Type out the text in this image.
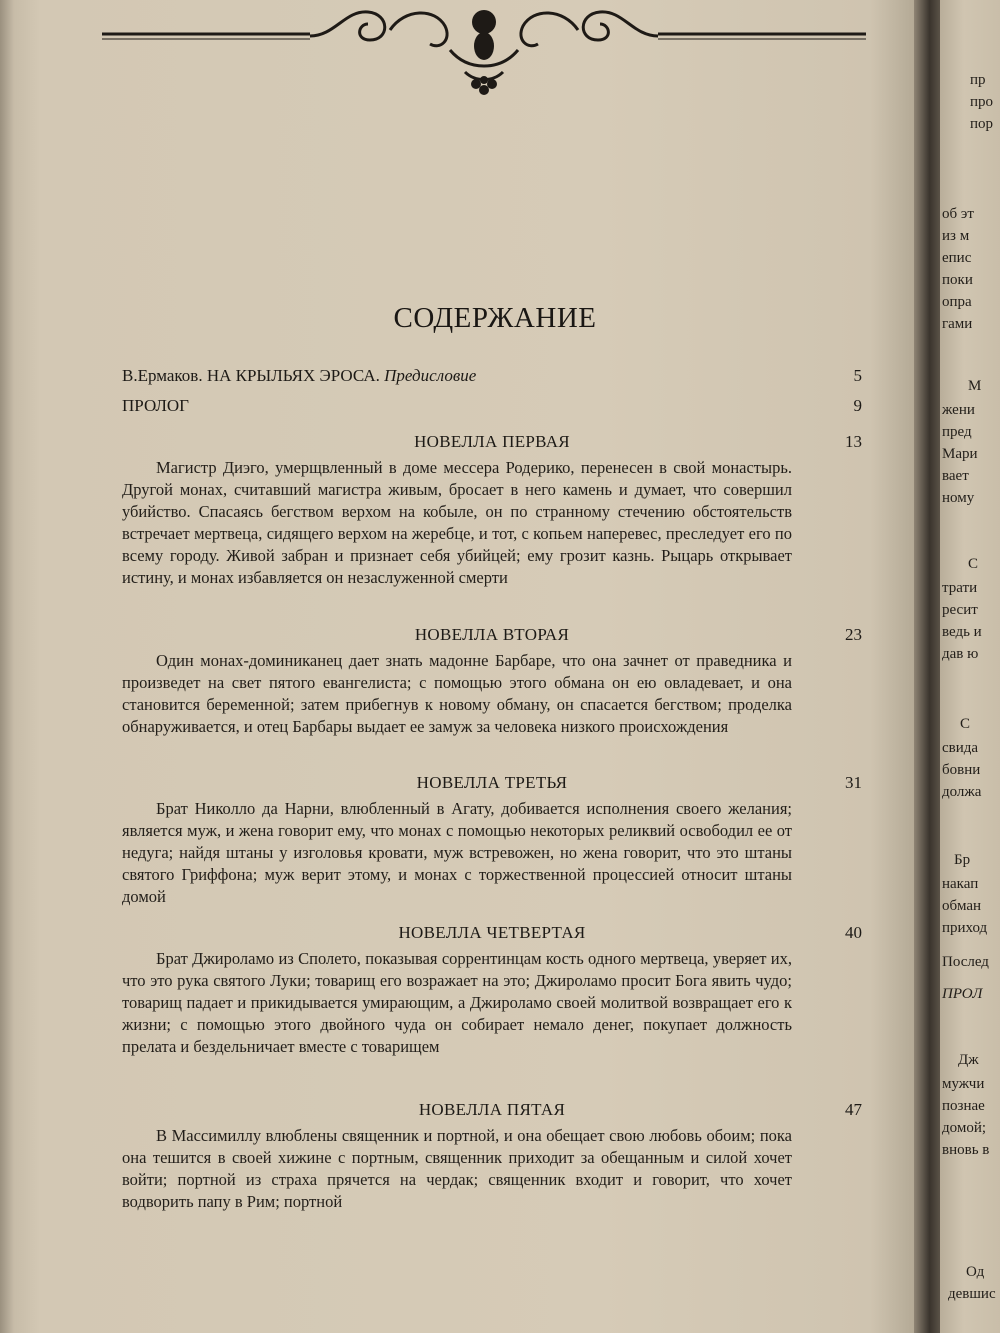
СОДЕРЖАНИЕ
В.Ермаков. НА КРЫЛЬЯХ ЭРОСА. Предисловие	5
ПРОЛОГ	9
НОВЕЛЛА ПЕРВАЯ	13
Магистр Диэго, умерщвленный в доме мессера Родерико, перенесен в свой монастырь. Другой монах, считавший магистра живым, бросает в него камень и думает, что совершил убийство. Спасаясь бегством верхом на кобыле, он по странному стечению обстоятельств встречает мертвеца, сидящего верхом на жеребце, и тот, с копьем наперевес, преследует его по всему городу. Живой забран и признает себя убийцей; ему грозит казнь. Рыцарь открывает истину, и монах избавляется он незаслуженной смерти
НОВЕЛЛА ВТОРАЯ	23
Один монах-доминиканец дает знать мадонне Барбаре, что она зачнет от праведника и произведет на свет пятого евангелиста; с помощью этого обмана он ею овладевает, и она становится беременной; затем прибегнув к новому обману, он спасается бегством; проделка обнаруживается, и отец Барбары выдает ее замуж за человека низкого происхождения
НОВЕЛЛА ТРЕТЬЯ	31
Брат Николло да Нарни, влюбленный в Агату, добивается исполнения своего желания; является муж, и жена говорит ему, что монах с помощью некоторых реликвий освободил ее от недуга; найдя штаны у изголовья кровати, муж встревожен, но жена говорит, что это штаны святого Гриффона; муж верит этому, и монах с торжественной процессией относит штаны домой
НОВЕЛЛА ЧЕТВЕРТАЯ	40
Брат Джироламо из Сполето, показывая соррентинцам кость одного мертвеца, уверяет их, что это рука святого Луки; товарищ его возражает на это; Джироламо просит Бога явить чудо; товарищ падает и прикидывается умирающим, а Джироламо своей молитвой возвращает его к жизни; с помощью этого двойного чуда он собирает немало денег, покупает должность прелата и бездельничает вместе с товарищем
НОВЕЛЛА ПЯТАЯ	47
В Массимиллу влюблены священник и портной, и она обещает свою любовь обоим; пока она тешится в своей хижине с портным, священник приходит за обещанным и силой хочет войти; портной из страха прячется на чердак; священник входит и говорит, что хочет водворить папу в Рим; портной
пр
про
пор
об эт
из м
епис
поки
опра
гами
М
жени
пред
Мари
вает
ному
С
трати
ресит
ведь и
дав ю
С
свида
бовни
должа
Бр
накап
обман
приход
Послед
ПРОЛ
Дж
мужчи
познае
домой;
вновь в
Од
девшис
